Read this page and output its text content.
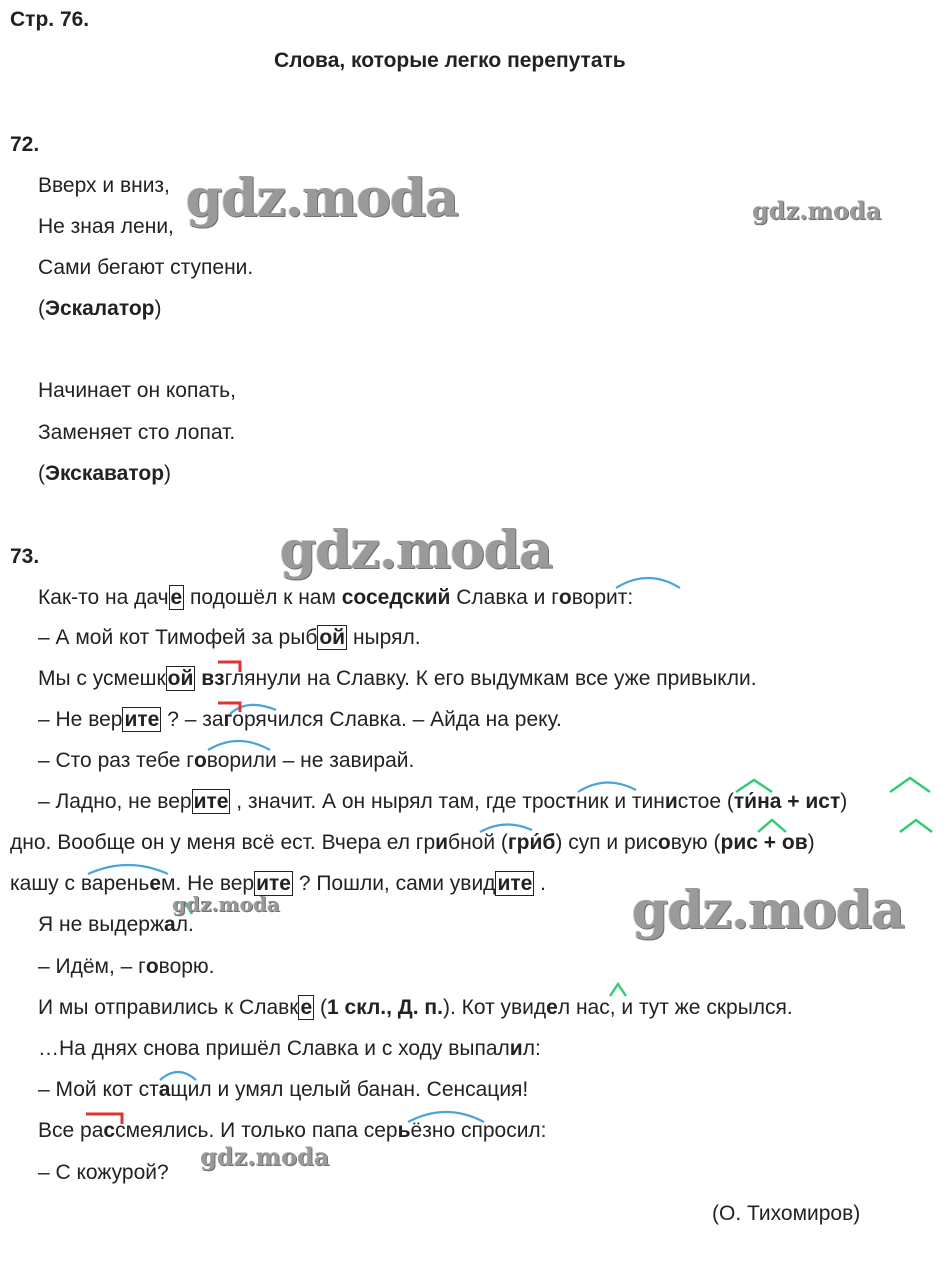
Стр. 76.
Слова, которые легко перепутать
72.
Вверх и вниз,
Не зная лени,
Сами бегают ступени.
(Эскалатор)
Начинает он копать,
Заменяет сто лопат.
(Экскаватор)
73.
Как-то на даче подошёл к нам соседский Славка и говорит:
– А мой кот Тимофей за рыбой нырял.
Мы с усмешкой взглянули на Славку. К его выдумкам все уже привыкли.
– Не верите ? – загорячился Славка. – Айда на реку.
– Сто раз тебе говорили – не завирай.
– Ладно, не верите , значит. А он нырял там, где тростник и тинистое (ти́на + ист)
дно. Вообще он у меня всё ест. Вчера ел грибной (гри́б) суп и рисовую (рис + ов)
кашу с вареньем. Не верите ? Пошли, сами увидите .
Я не выдержал.
– Идём, – говорю.
И мы отправились к Славке (1 скл., Д. п.). Кот увидел нас, и тут же скрылся.
…На днях снова пришёл Славка и с ходу выпалил:
– Мой кот стащил и умял целый банан. Сенсация!
Все рассмеялись. И только папа серьёзно спросил:
– С кожурой?
(О. Тихомиров)
gdz.moda	gdz.moda
gdz.moda
gdz.moda
gdz.moda
gdz.moda
